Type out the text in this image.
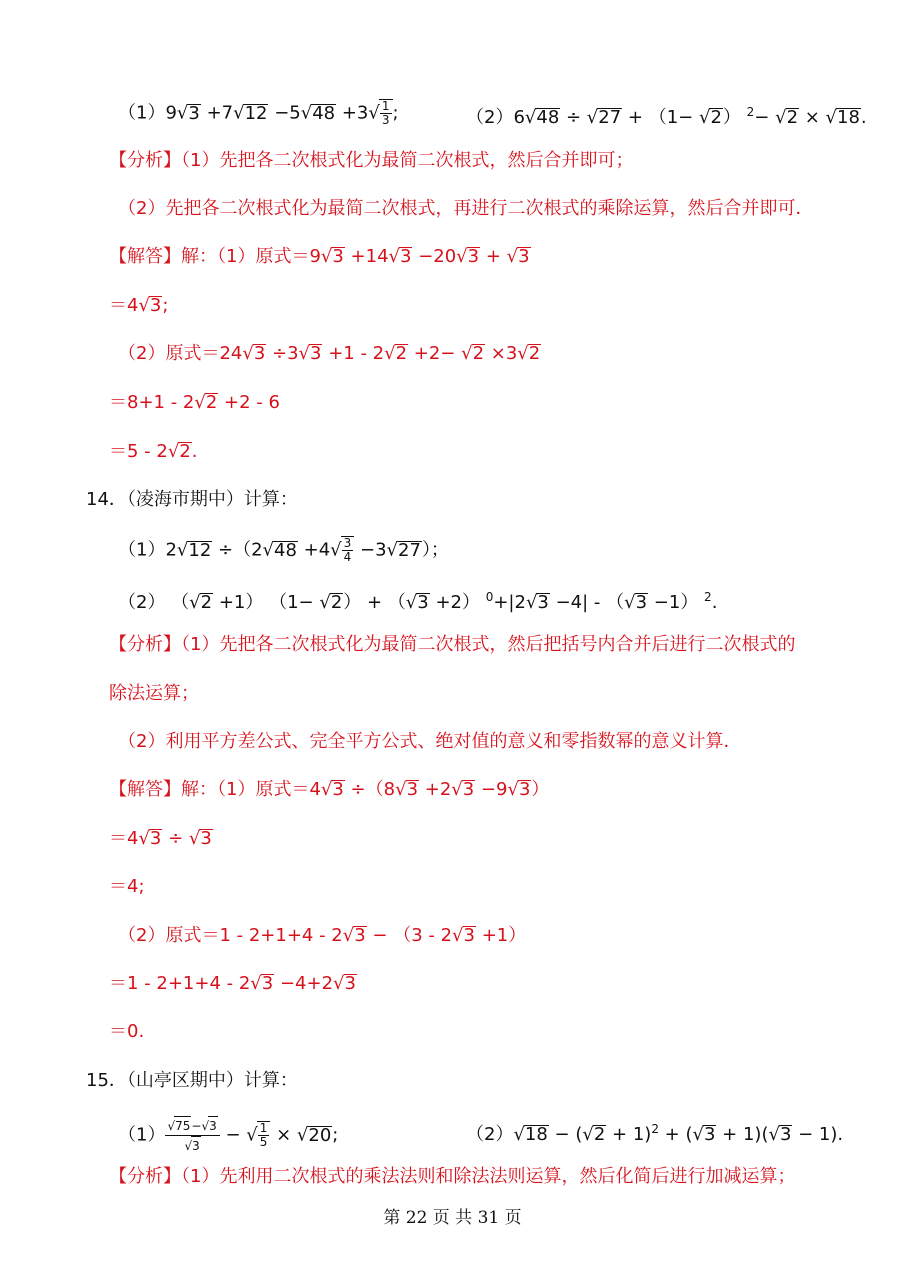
$(1)9√3 +7√12 -5√48 +3√ \frac{1}{3}$ ;	（2）6√48 ÷ √27 + （1− √2） $^2$− √2 × √18.
【分析】（1）先把各二次根式化为最简二次根式，然后合并即可；
（2）先把各二次根式化为最简二次根式，再进行二次根式的乘除运算，然后合并即可．
【解答】解：（1）原式＝9√3 +14√3 −20√3 + √3
＝4√3;
（2）原式＝24√3 ÷3√3 +1 - 2√2 +2− √2 ×3√2
＝8+1 - 2√2 +2 - 6
＝5 - 2√2.
14．（凌海市期中）计算：
$(1)2√12 \div(2√48 +4√ \frac{3}{4} -3√27)$；
（2） （√2 +1） （1− √2） + （√3 +2） $^0$+|2√3 −4| - （√3 −1） $^2$.
【分析】（1）先把各二次根式化为最简二次根式，然后把括号内合并后进行二次根式的
除法运算；
（2）利用平方差公式、完全平方公式、绝对值的意义和零指数幂的意义计算．
【解答】解：（1）原式＝4√3 ÷（8√3 +2√3 −9√3）
＝4√3 ÷ √3
＝4;
（2）原式＝1 - 2+1+4 - 2√3 − （3 - 2√3 +1）
＝1 - 2+1+4 - 2√3 −4+2√3
＝0.
15．（山亭区期中）计算：
$(1) \frac{√75-√3}{√3}$ − √ $\frac{1}{5} \times √20$;	$(2)√18 - (√2 + 1)^2 + (√3 + 1)(√3 - 1)$.
【分析】（1）先利用二次根式的乘法法则和除法法则运算，然后化简后进行加减运算；
第 22 页 共 31 页
